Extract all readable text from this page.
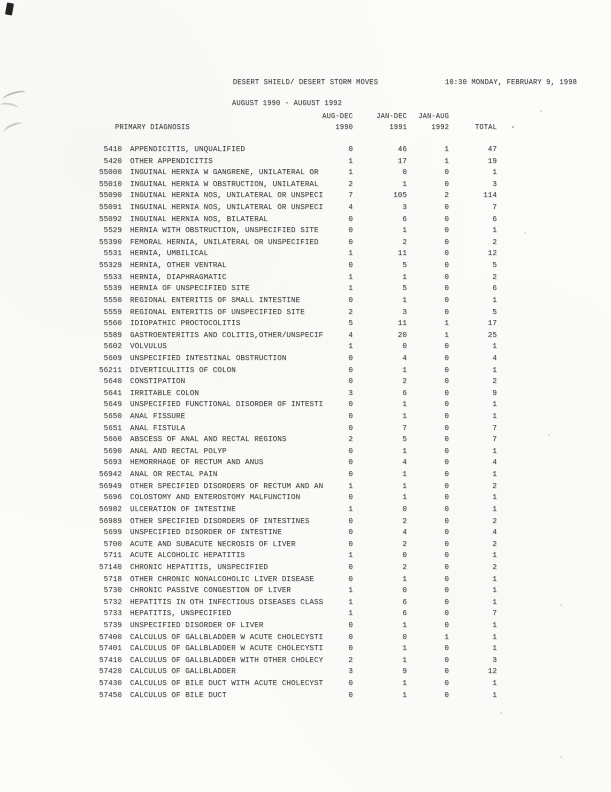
DESERT SHIELD/ DESERT STORM MOVES	10:30 MONDAY, FEBRUARY 9, 1998
AUGUST 1990 - AUGUST 1992
AUG-DEC	JAN-DEC	JAN-AUG
PRIMARY DIAGNOSIS	1990	1991	1992	TOTAL
5410	APPENDICITIS, UNQUALIFIED	0	46	1	47
5420	OTHER APPENDICITIS	1	17	1	19
55000	INGUINAL HERNIA W GANGRENE, UNILATERAL OR	1	0	0	1
55010	INGUINAL HERNIA W OBSTRUCTION, UNILATERAL	2	1	0	3
55090	INGUINAL HERNIA NOS, UNILATERAL OR UNSPECI	7	105	2	114
55091	INGUINAL HERNIA NOS, UNILATERAL OR UNSPECI	4	3	0	7
55092	INGUINAL HERNIA NOS, BILATERAL	0	6	0	6
5529	HERNIA WITH OBSTRUCTION, UNSPECIFIED SITE	0	1	0	1
55390	FEMORAL HERNIA, UNILATERAL OR UNSPECIFIED	0	2	0	2
5531	HERNIA, UMBILICAL	1	11	0	12
55329	HERNIA, OTHER VENTRAL	0	5	0	5
5533	HERNIA, DIAPHRAGMATIC	1	1	0	2
5539	HERNIA OF UNSPECIFIED SITE	1	5	0	6
5550	REGIONAL ENTERITIS OF SMALL INTESTINE	0	1	0	1
5559	REGIONAL ENTERITIS OF UNSPECIFIED SITE	2	3	0	5
5560	IDIOPATHIC PROCTOCOLITIS	5	11	1	17
5589	GASTROENTERITIS AND COLITIS,OTHER/UNSPECIF	4	20	1	25
5602	VOLVULUS	1	0	0	1
5609	UNSPECIFIED INTESTINAL OBSTRUCTION	0	4	0	4
56211	DIVERTICULITIS OF COLON	0	1	0	1
5640	CONSTIPATION	0	2	0	2
5641	IRRITABLE COLON	3	6	0	9
5649	UNSPECIFIED FUNCTIONAL DISORDER OF INTESTI	0	1	0	1
5650	ANAL FISSURE	0	1	0	1
5651	ANAL FISTULA	0	7	0	7
5660	ABSCESS OF ANAL AND RECTAL REGIONS	2	5	0	7
5690	ANAL AND RECTAL POLYP	0	1	0	1
5693	HEMORRHAGE OF RECTUM AND ANUS	0	4	0	4
56942	ANAL OR RECTAL PAIN	0	1	0	1
56949	OTHER SPECIFIED DISORDERS OF RECTUM AND AN	1	1	0	2
5696	COLOSTOMY AND ENTEROSTOMY MALFUNCTION	0	1	0	1
56982	ULCERATION OF INTESTINE	1	0	0	1
56989	OTHER SPECIFIED DISORDERS OF INTESTINES	0	2	0	2
5699	UNSPECIFIED DISORDER OF INTESTINE	0	4	0	4
5700	ACUTE AND SUBACUTE NECROSIS OF LIVER	0	2	0	2
5711	ACUTE ALCOHOLIC HEPATITIS	1	0	0	1
57140	CHRONIC HEPATITIS, UNSPECIFIED	0	2	0	2
5718	OTHER CHRONIC NONALCOHOLIC LIVER DISEASE	0	1	0	1
5730	CHRONIC PASSIVE CONGESTION OF LIVER	1	0	0	1
5732	HEPATITIS IN OTH INFECTIOUS DISEASES CLASS	1	6	0	1
5733	HEPATITIS, UNSPECIFIED	1	6	0	7
5739	UNSPECIFIED DISORDER OF LIVER	0	1	0	1
57400	CALCULUS OF GALLBLADDER W ACUTE CHOLECYSTI	0	0	1	1
57401	CALCULUS OF GALLBLADDER W ACUTE CHOLECYSTI	0	1	0	1
57410	CALCULUS OF GALLBLADDER WITH OTHER CHOLECY	2	1	0	3
57420	CALCULUS OF GALLBLADDER	3	9	0	12
57430	CALCULUS OF BILE DUCT WITH ACUTE CHOLECYST	0	1	0	1
57450	CALCULUS OF BILE DUCT	0	1	0	1
